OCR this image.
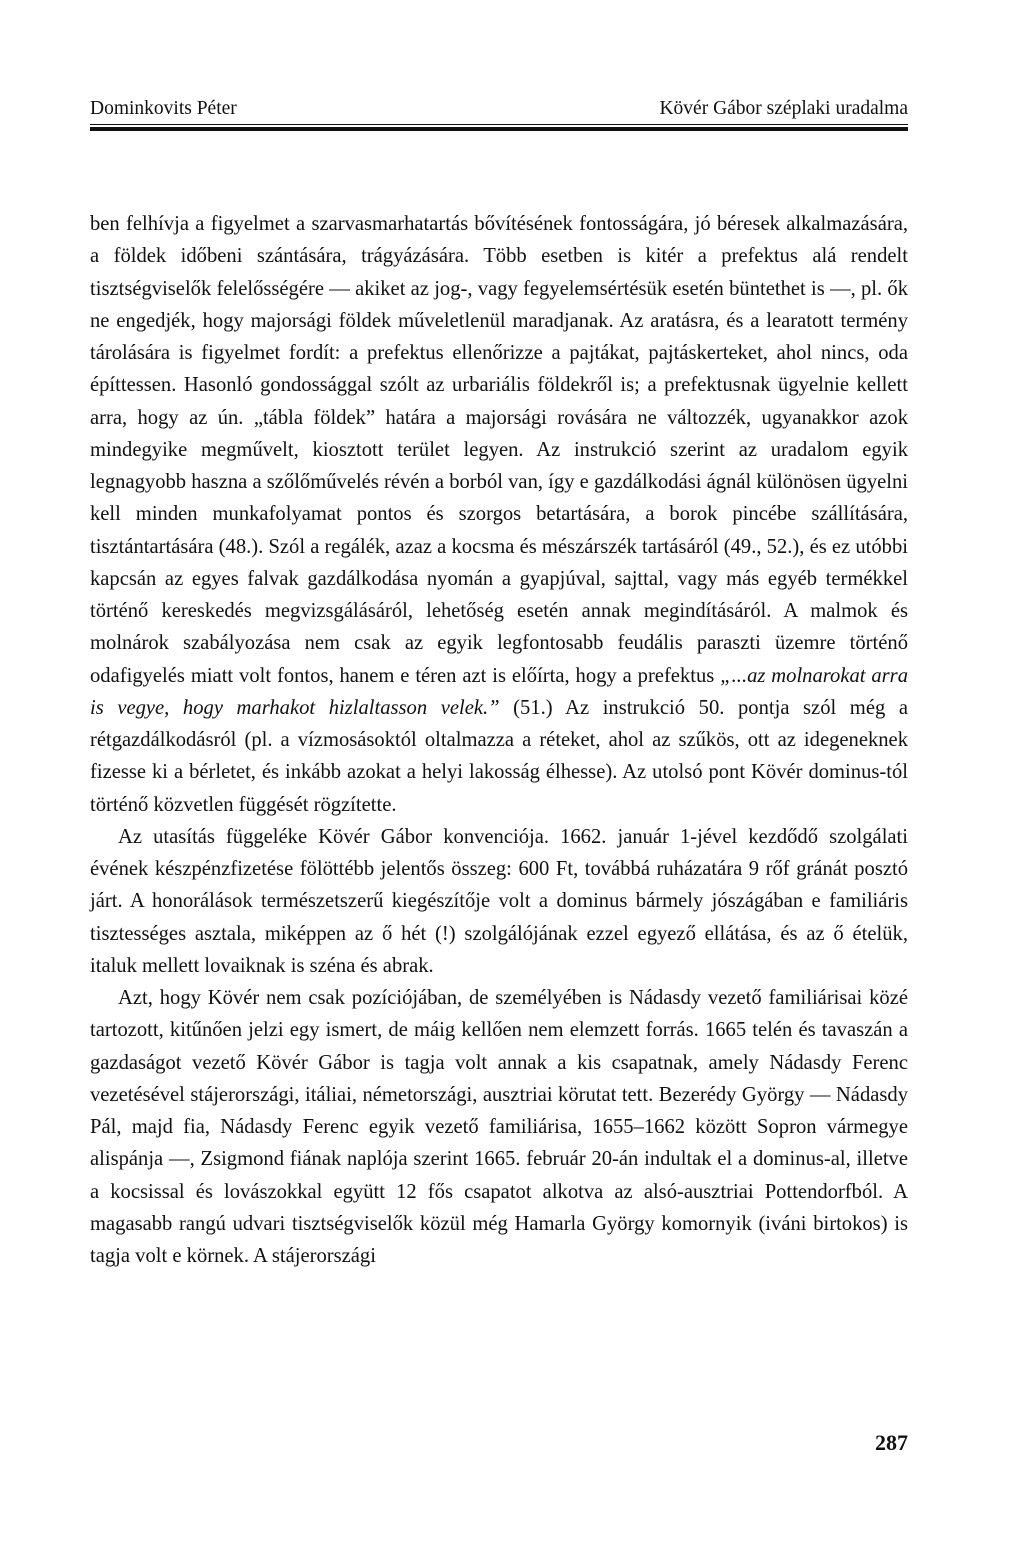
Dominkovits Péter	Kövér Gábor széplaki uradalma

ben felhívja a figyelmet a szarvasmarhatartás bővítésének fontosságára, jó béresek alkalmazására, a földek időbeni szántására, trágyázására. Több esetben is kitér a prefektus alá rendelt tisztségviselők felelősségére — akiket az jog-, vagy fegyelemsértésük esetén büntethet is —, pl. ők ne engedjék, hogy majorsági földek műveletlenül maradjanak. Az aratásra, és a learatott termény tárolására is figyelmet fordít: a prefektus ellenőrizze a pajtákat, pajtáskerteket, ahol nincs, oda építtessen. Hasonló gondossággal szólt az urbariális földekről is; a prefektusnak ügyelnie kellett arra, hogy az ún. „tábla földek” határa a majorsági rovására ne változzék, ugyanakkor azok mindegyike megművelt, kiosztott terület legyen. Az instrukció szerint az uradalom egyik legnagyobb haszna a szőlőművelés révén a borból van, így e gazdálkodási ágnál különösen ügyelni kell minden munkafolyamat pontos és szorgos betartására, a borok pincébe szállítására, tisztántartására (48.). Szól a regálék, azaz a kocsma és mészárszék tartásáról (49., 52.), és ez utóbbi kapcsán az egyes falvak gazdálkodása nyomán a gyapjúval, sajttal, vagy más egyéb termékkel történő kereskedés megvizsgálásáról, lehetőség esetén annak megindításáról. A malmok és molnárok szabályozása nem csak az egyik legfontosabb feudális paraszti üzemre történő odafigyelés miatt volt fontos, hanem e téren azt is előírta, hogy a prefektus „...az molnarokat arra is vegye, hogy marhakot hizlaltasson velek.” (51.) Az instrukció 50. pontja szól még a rétgazdálkodásról (pl. a vízmosásoktól oltalmazza a réteket, ahol az szűkös, ott az idegeneknek fizesse ki a bérletet, és inkább azokat a helyi lakosság élhesse). Az utolsó pont Kövér dominus-tól történő közvetlen függését rögzítette.

Az utasítás függeléke Kövér Gábor konvenciója. 1662. január 1-jével kezdődő szolgálati évének készpénzfizetése fölöttébb jelentős összeg: 600 Ft, továbbá ruházatára 9 rőf gránát posztó járt. A honorálások természetszerű kiegészítője volt a dominus bármely jószágában e familiáris tisztességes asztala, miképpen az ő hét (!) szolgálójának ezzel egyező ellátása, és az ő ételük, italuk mellett lovaiknak is széna és abrak.

Azt, hogy Kövér nem csak pozíciójában, de személyében is Nádasdy vezető familiárisai közé tartozott, kitűnően jelzi egy ismert, de máig kellően nem elemzett forrás. 1665 telén és tavaszán a gazdaságot vezető Kövér Gábor is tagja volt annak a kis csapatnak, amely Nádasdy Ferenc vezetésével stájerországi, itáliai, németországi, ausztriai körutat tett. Bezerédy György — Nádasdy Pál, majd fia, Nádasdy Ferenc egyik vezető familiárisa, 1655–1662 között Sopron vármegye alispánja —, Zsigmond fiának naplója szerint 1665. február 20-án indultak el a dominus-al, illetve a kocsissal és lovászokkal együtt 12 fős csapatot alkotva az alsó-ausztriai Pottendorfból. A magasabb rangú udvari tisztségviselők közül még Hamarla György komornyik (iváni birtokos) is tagja volt e körnek. A stájerországi

287
